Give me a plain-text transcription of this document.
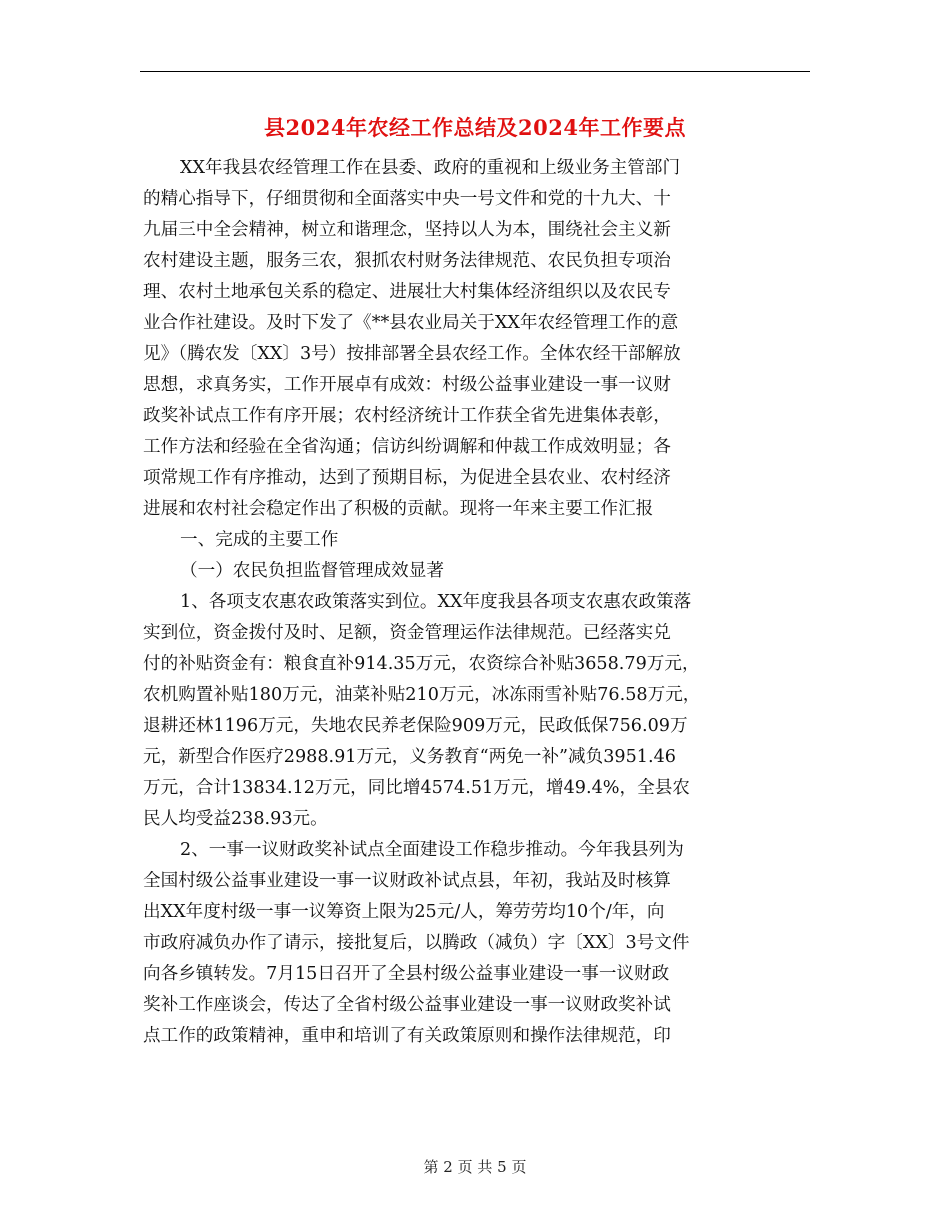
县2024年农经工作总结及2024年工作要点
XX年我县农经管理工作在县委、政府的重视和上级业务主管部门
的精心指导下，仔细贯彻和全面落实中央一号文件和党的十九大、十
九届三中全会精神，树立和谐理念，坚持以人为本，围绕社会主义新
农村建设主题，服务三农，狠抓农村财务法律规范、农民负担专项治
理、农村土地承包关系的稳定、进展壮大村集体经济组织以及农民专
业合作社建设。及时下发了《**县农业局关于XX年农经管理工作的意
见》（腾农发〔XX〕3号）按排部署全县农经工作。全体农经干部解放
思想，求真务实，工作开展卓有成效：村级公益事业建设一事一议财
政奖补试点工作有序开展；农村经济统计工作获全省先进集体表彰，
工作方法和经验在全省沟通；信访纠纷调解和仲裁工作成效明显；各
项常规工作有序推动，达到了预期目标，为促进全县农业、农村经济
进展和农村社会稳定作出了积极的贡献。现将一年来主要工作汇报
一、完成的主要工作
（一）农民负担监督管理成效显著
1、各项支农惠农政策落实到位。XX年度我县各项支农惠农政策落
实到位，资金拨付及时、足额，资金管理运作法律规范。已经落实兑
付的补贴资金有：粮食直补914.35万元，农资综合补贴3658.79万元，
农机购置补贴180万元，油菜补贴210万元，冰冻雨雪补贴76.58万元，
退耕还林1196万元，失地农民养老保险909万元，民政低保756.09万
元，新型合作医疗2988.91万元，义务教育“两免一补”减负3951.46
万元，合计13834.12万元，同比增4574.51万元，增49.4%，全县农
民人均受益238.93元。
2、一事一议财政奖补试点全面建设工作稳步推动。今年我县列为
全国村级公益事业建设一事一议财政补试点县，年初，我站及时核算
出XX年度村级一事一议筹资上限为25元/人，筹劳劳均10个/年，向
市政府减负办作了请示，接批复后，以腾政（减负）字〔XX〕3号文件
向各乡镇转发。7月15日召开了全县村级公益事业建设一事一议财政
奖补工作座谈会，传达了全省村级公益事业建设一事一议财政奖补试
点工作的政策精神，重申和培训了有关政策原则和操作法律规范，印
第 2 页 共 5 页
